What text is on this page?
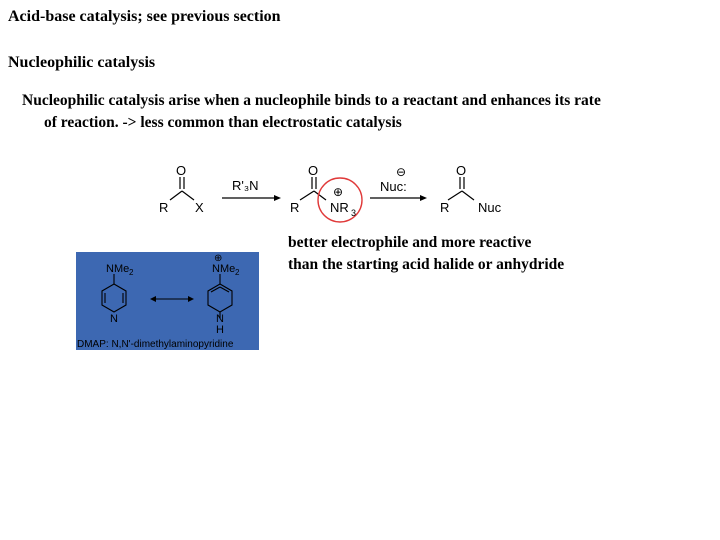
Acid-base catalysis; see previous section
Nucleophilic catalysis
Nucleophilic catalysis arise when a nucleophile binds to a reactant and enhances its rate
of reaction. -> less common than electrostatic catalysis
O
R X
R'₃N
O
R
⊕
NR 3
⊖
Nuc:
O
R Nuc
better electrophile and more reactive
than the starting acid halide or anhydride
NMe 2
N
⊕
NMe 2
N
H
DMAP: N,N'-dimethylaminopyridine
